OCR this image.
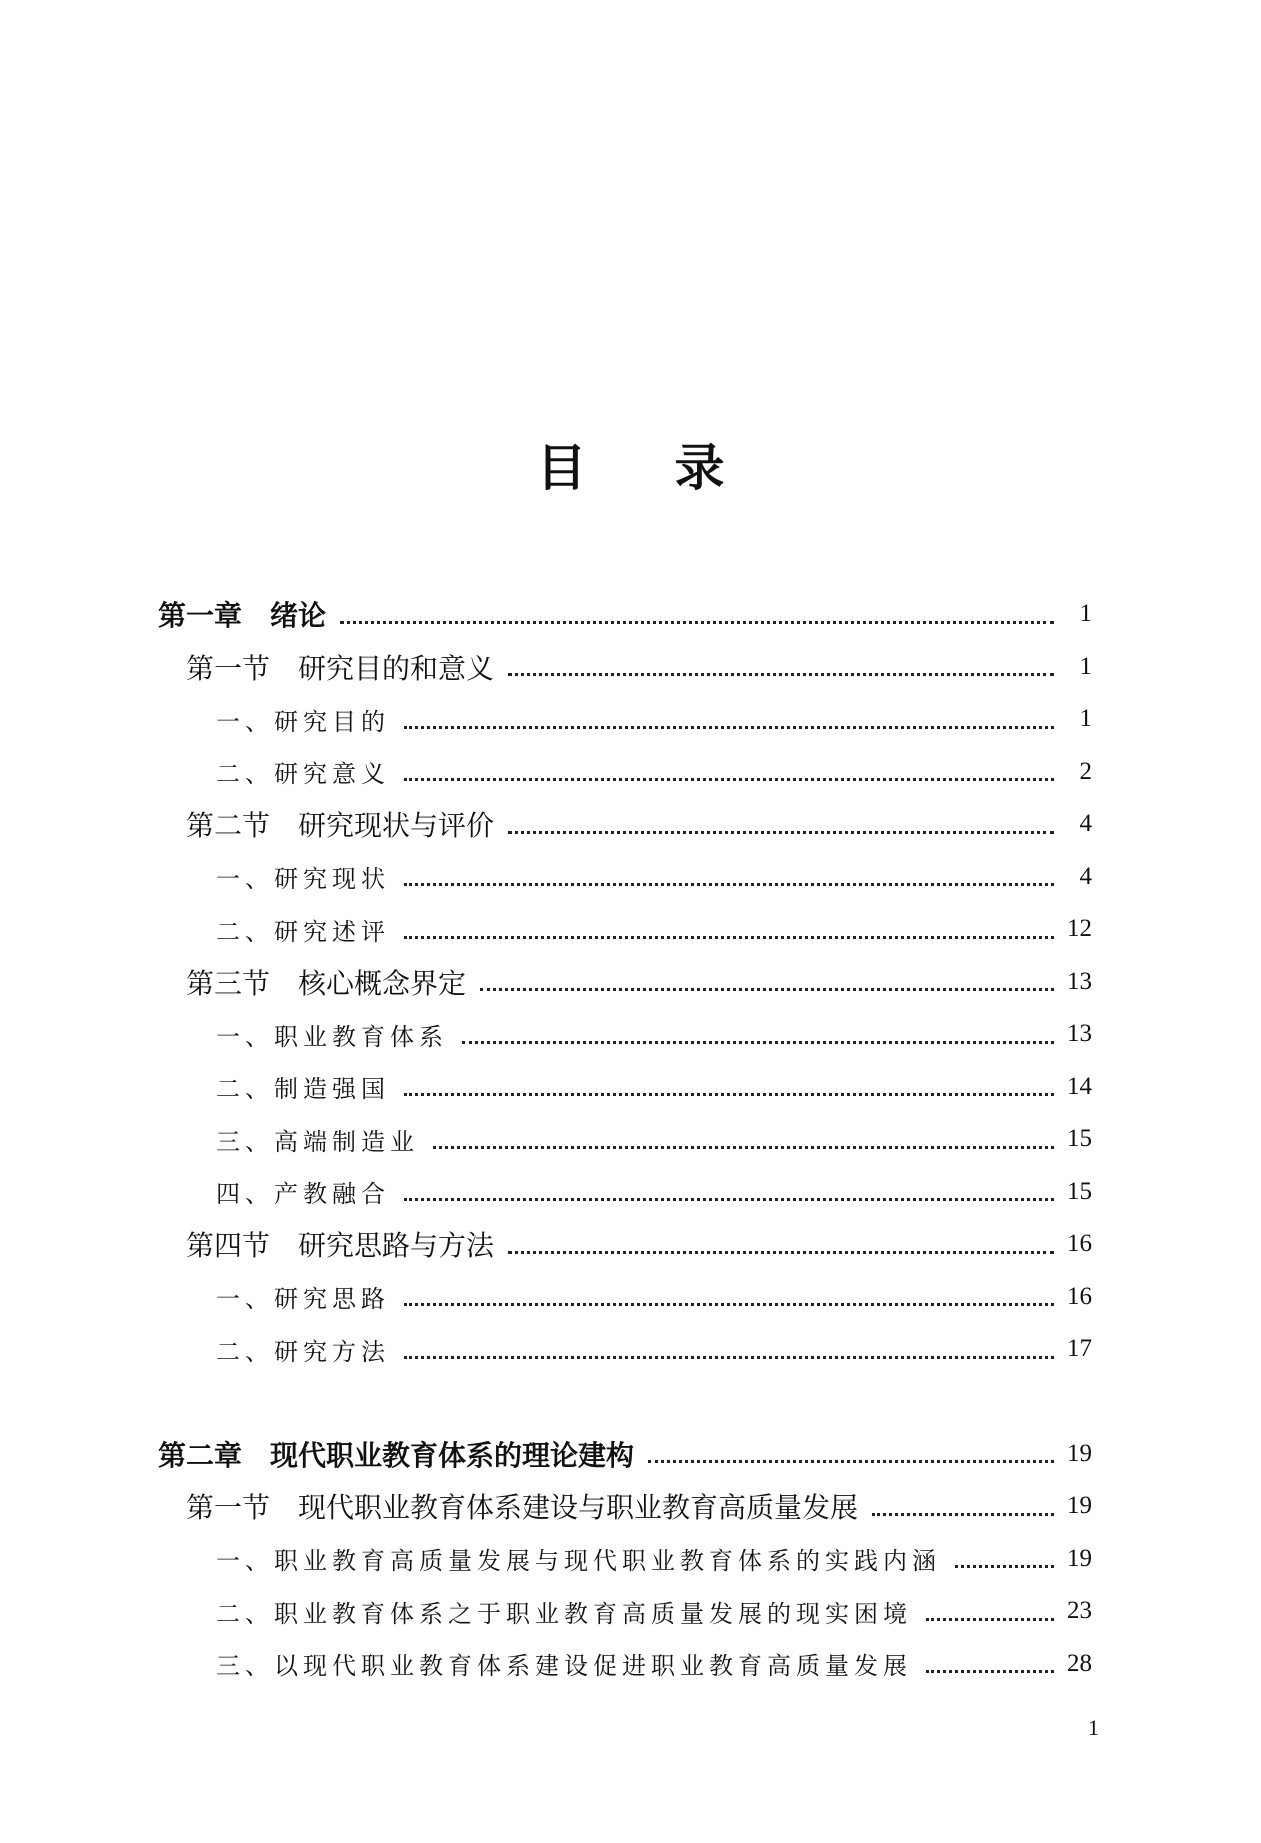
目 录
第一章 绪论	1
第一节 研究目的和意义	1
一、研究目的	1
二、研究意义	2
第二节 研究现状与评价	4
一、研究现状	4
二、研究述评	12
第三节 核心概念界定	13
一、职业教育体系	13
二、制造强国	14
三、高端制造业	15
四、产教融合	15
第四节 研究思路与方法	16
一、研究思路	16
二、研究方法	17
第二章 现代职业教育体系的理论建构	19
第一节 现代职业教育体系建设与职业教育高质量发展	19
一、职业教育高质量发展与现代职业教育体系的实践内涵	19
二、职业教育体系之于职业教育高质量发展的现实困境	23
三、以现代职业教育体系建设促进职业教育高质量发展	28
1
